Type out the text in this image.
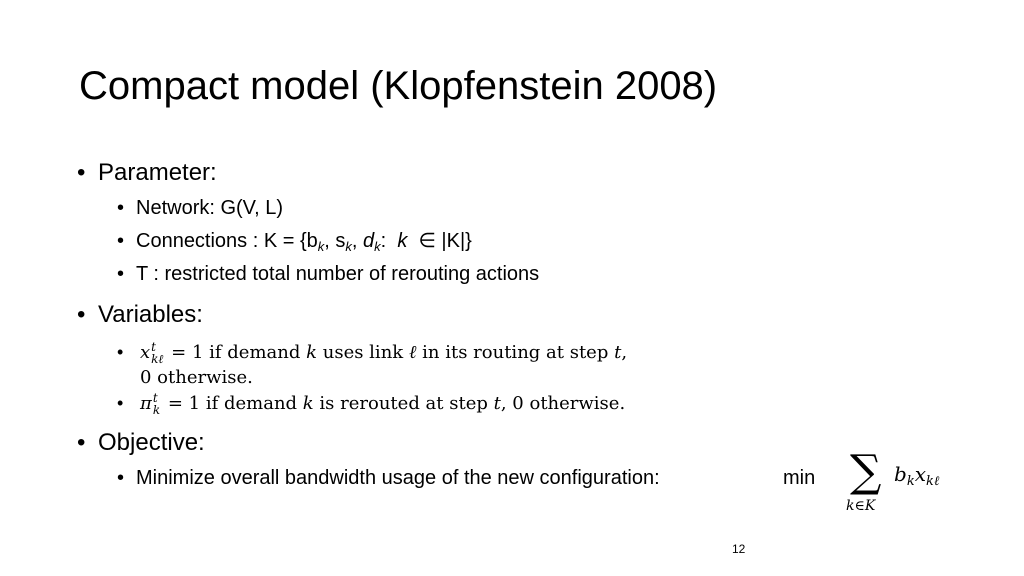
Compact model (Klopfenstein 2008)
• Parameter:
• Network: G(V, L)
• Connections : $K = \{b_k$, $s_k$, $d_k$:  k  ∈ |K|}
• T : restricted total number of rerouting actions
• Variables:
• x t
kℓ = 1 if demand k uses link ℓ in its routing at step t,
0 otherwise.
• π t
k = 1 if demand k is rerouted at step t, 0 otherwise.
• Objective:
• Minimize overall bandwidth usage of the new configuration:	min ∑
k∈K
$b_kx_{k\ell}$
12
